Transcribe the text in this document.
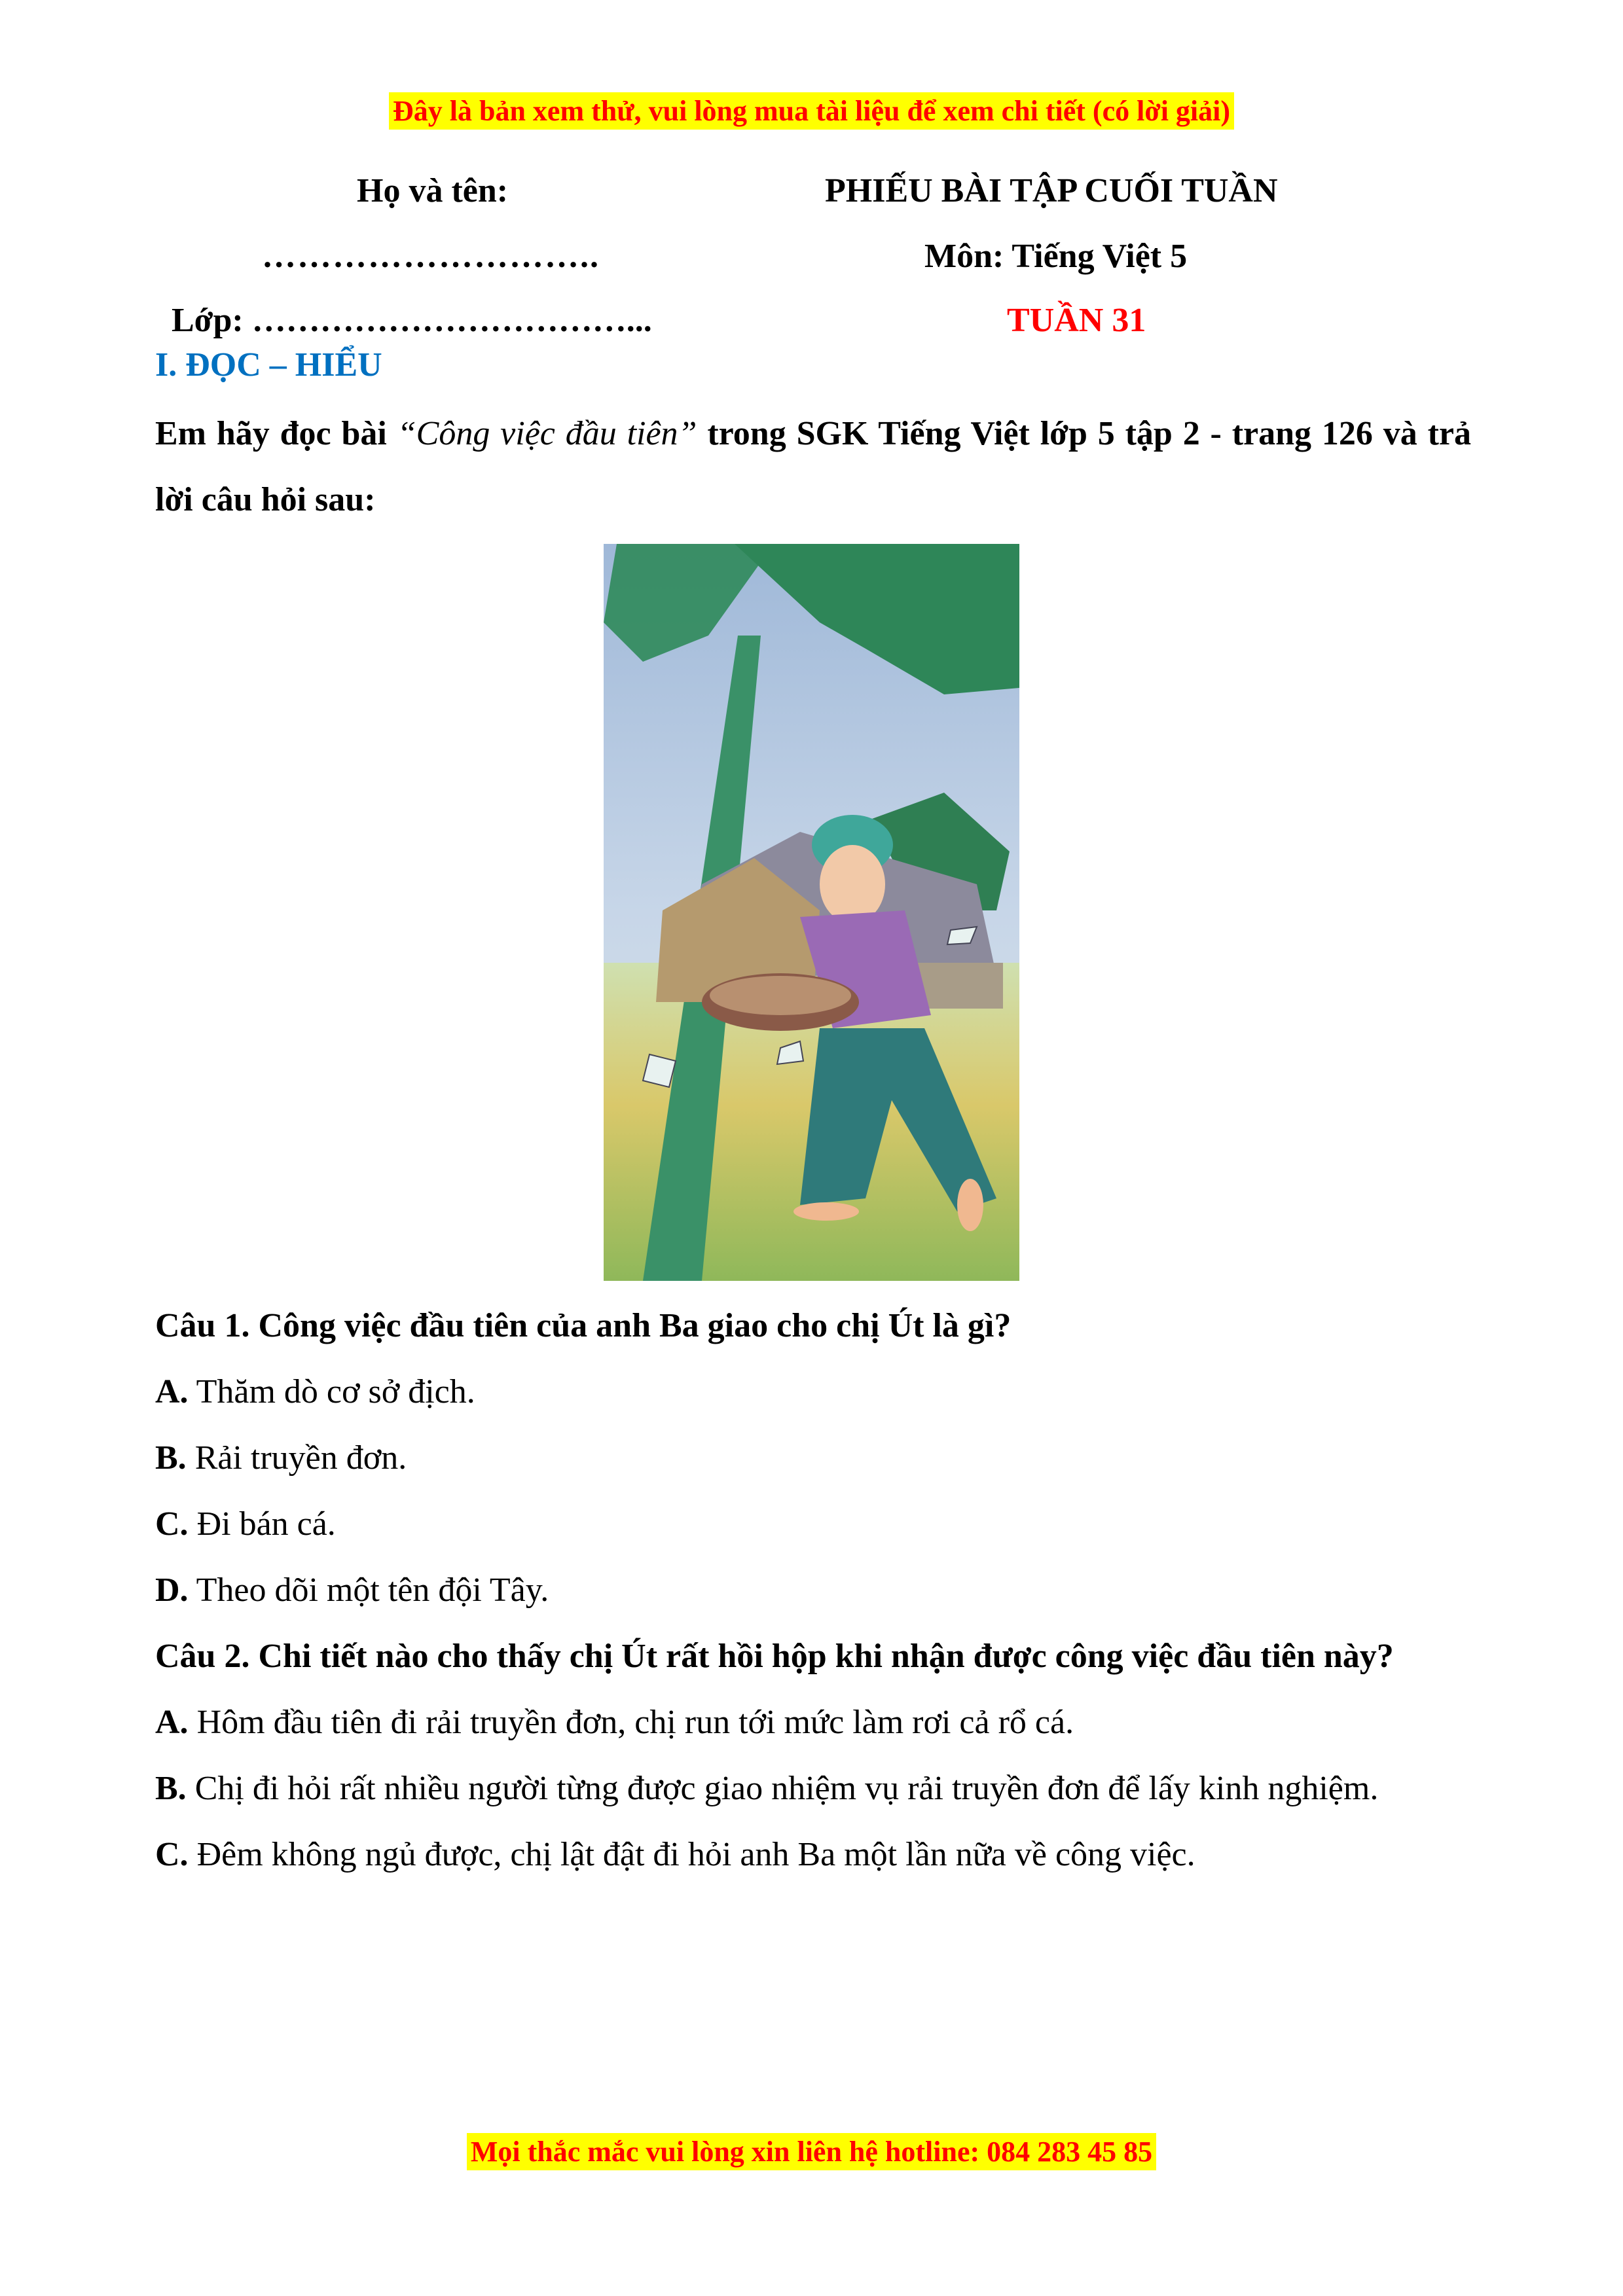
Đây là bản xem thử, vui lòng mua tài liệu để xem chi tiết (có lời giải)
Họ và tên:
………………………..
Lớp: ……………………………...
PHIẾU BÀI TẬP CUỐI TUẦN
Môn: Tiếng Việt 5
TUẦN 31
I. ĐỌC – HIỂU
Em hãy đọc bài “Công việc đầu tiên” trong SGK Tiếng Việt lớp 5 tập 2 - trang 126 và trả lời câu hỏi sau:
Câu 1. Công việc đầu tiên của anh Ba giao cho chị Út là gì?
A. Thăm dò cơ sở địch.
B. Rải truyền đơn.
C. Đi bán cá.
D. Theo dõi một tên đội Tây.
Câu 2. Chi tiết nào cho thấy chị Út rất hồi hộp khi nhận được công việc đầu tiên này?
A. Hôm đầu tiên đi rải truyền đơn, chị run tới mức làm rơi cả rổ cá.
B. Chị đi hỏi rất nhiều người từng được giao nhiệm vụ rải truyền đơn để lấy kinh nghiệm.
C. Đêm không ngủ được, chị lật đật đi hỏi anh Ba một lần nữa về công việc.
Mọi thắc mắc vui lòng xin liên hệ hotline: 084 283 45 85
